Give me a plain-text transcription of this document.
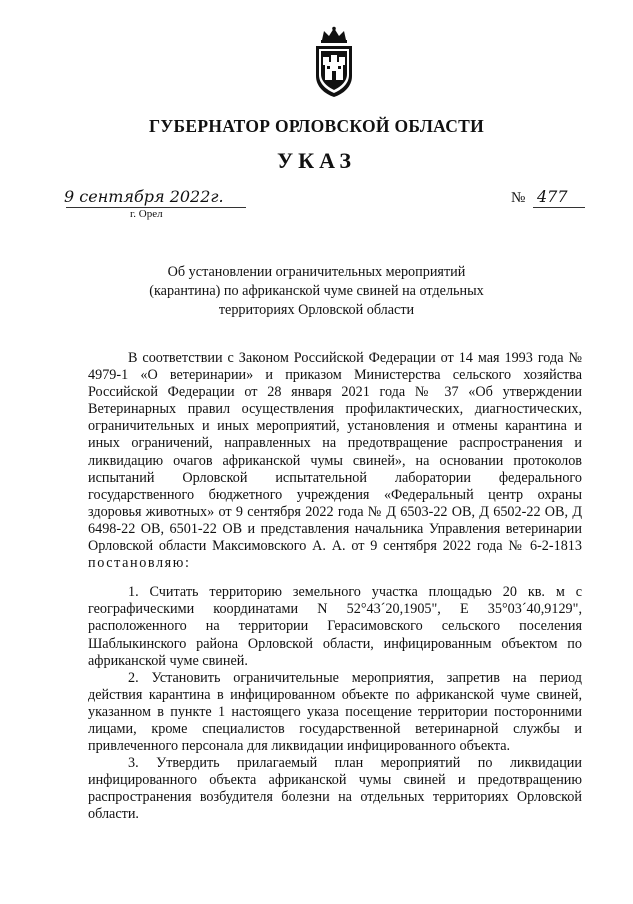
ГУБЕРНАТОР ОРЛОВСКОЙ ОБЛАСТИ
УКАЗ
9 сентября 2022г.
г. Орел
№ 477
Об установлении ограничительных мероприятий
(карантина) по африканской чуме свиней на отдельных
территориях Орловской области

В соответствии с Законом Российской Федерации от 14 мая 1993 года № 4979-1 «О ветеринарии» и приказом Министерства сельского хозяйства Российской Федерации от 28 января 2021 года № 37 «Об утверждении Ветеринарных правил осуществления профилактических, диагностических, ограничительных и иных мероприятий, установления и отмены карантина и иных ограничений, направленных на предотвращение распространения и ликвидацию очагов африканской чумы свиней», на основании протоколов испытаний Орловской испытательной лаборатории федерального государственного бюджетного учреждения «Федеральный центр охраны здоровья животных» от 9 сентября 2022 года № Д 6503-22 ОВ, Д 6502-22 ОВ, Д 6498-22 ОВ, 6501-22 ОВ и представления начальника Управления ветеринарии Орловской области Максимовского А. А. от 9 сентября 2022 года № 6-2-1813 постановляю:

1. Считать территорию земельного участка площадью 20 кв. м с географическими координатами N 52°43´20,1905", E 35°03´40,9129", расположенного на территории Герасимовского сельского поселения Шаблыкинского района Орловской области, инфицированным объектом по африканской чуме свиней.

2. Установить ограничительные мероприятия, запретив на период действия карантина в инфицированном объекте по африканской чуме свиней, указанном в пункте 1 настоящего указа посещение территории посторонними лицами, кроме специалистов государственной ветеринарной службы и привлеченного персонала для ликвидации инфицированного объекта.

3. Утвердить прилагаемый план мероприятий по ликвидации инфицированного объекта африканской чумы свиней и предотвращению распространения возбудителя болезни на отдельных территориях Орловской области.
